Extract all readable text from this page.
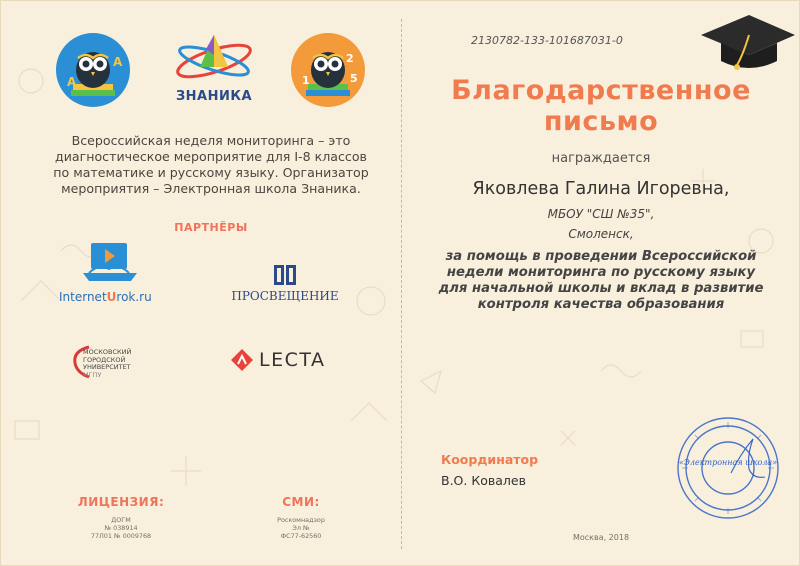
A
A
ЗНАНИКА
1
2
5
Всероссийская неделя мониторинга – это
диагностическое мероприятие для I-8 классов
по математике и русскому языку. Организатор
мероприятия – Электронная школа Знаника.
ПАРТНЁРЫ
InternetUrok.ru	ПРОСВЕЩЕНИЕ
МОСКОВСКИЙ
ГОРОДСКОЙ
УНИВЕРСИТЕТ
МГПУ
LECTA
ЛИЦЕНЗИЯ:
ДОГМ
№ 038914
77Л01 № 0009768
СМИ:
Роскомнадзор
Эл №
ФС77-62560
2130782-133-101687031-0
Благодарственное
письмо
награждается
Яковлева Галина Игоревна,
МБОУ "СШ №35",
Смоленск,
за помощь в проведении Всероссийской
недели мониторинга по русскому языку
для начальной школы и вклад в развитие
контроля качества образования
Координатор
В.О. Ковалев
«Электронная школа»
Москва, 2018
